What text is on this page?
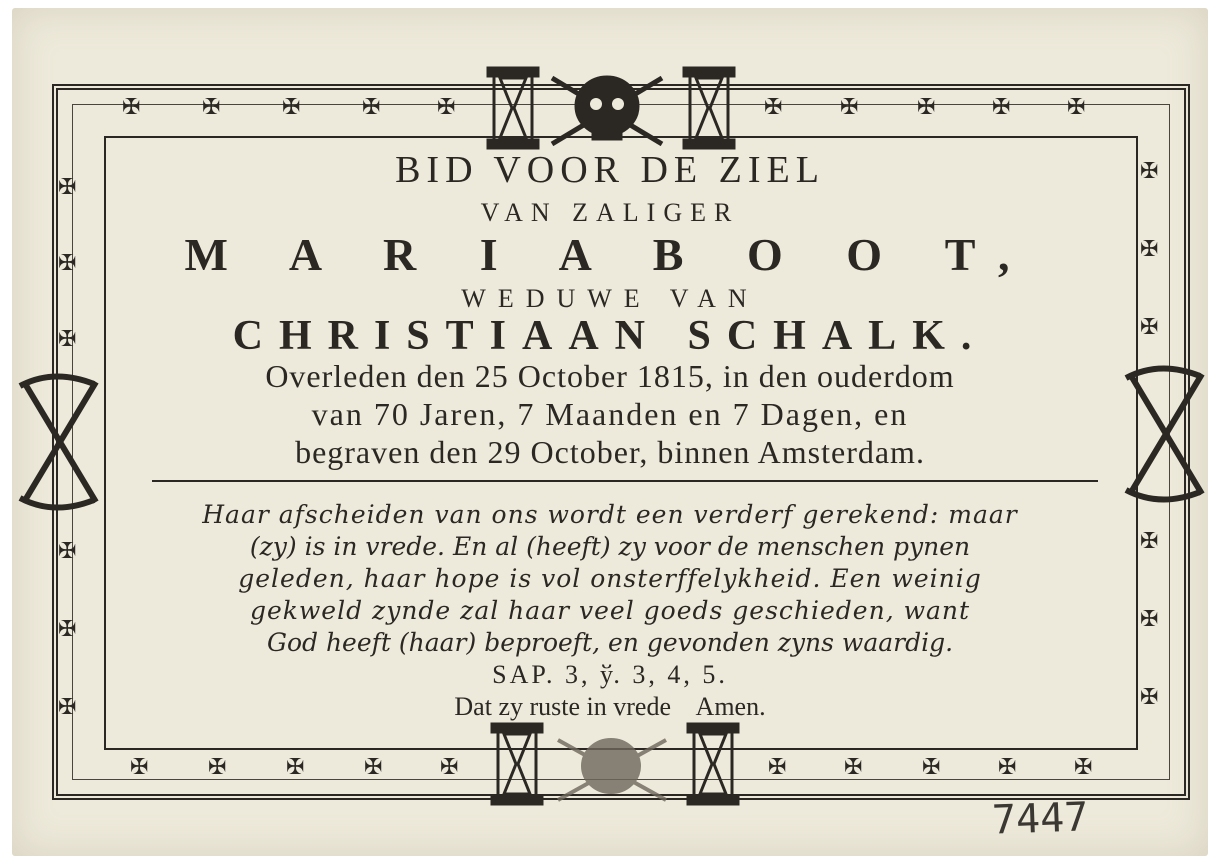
✠	✠	✠	✠	✠	✠	✠	✠	✠	✠
✠	✠	✠	✠	✠	✠	✠	✠	✠	✠
✠
✠
✠
✠
✠
✠
✠
✠
✠
✠
✠
✠
BID VOOR DE ZIEL
VAN ZALIGER
M A R I A B O O T,
WEDUWE VAN
CHRISTIAAN SCHALK.
Overleden den 25 October 1815, in den ouderdom
van 70 Jaren, 7 Maanden en 7 Dagen, en
begraven den 29 October, binnen Amsterdam.
Haar afscheiden van ons wordt een verderf gerekend: maar
(zy) is in vrede. En al (heeft) zy voor de menschen pynen
geleden, haar hope is vol onsterffelykheid. Een weinig
gekweld zynde zal haar veel goeds geschieden, want
God heeft (haar) beproeft, en gevonden zyns waardig.
SAP. 3, ў. 3, 4, 5.
Dat zy ruste in vrede    Amen.
7447
